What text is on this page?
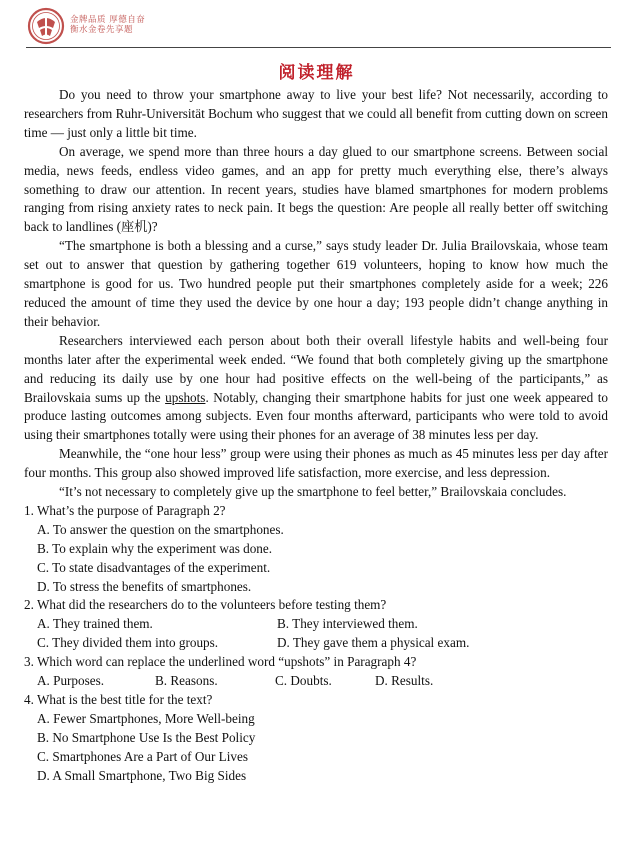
金牌品质 厚德自奋
衡水金卷先享题
阅读理解

Do you need to throw your smartphone away to live your best life? Not necessarily, according to researchers from Ruhr-Universität Bochum who suggest that we could all benefit from cutting down on screen time — just only a little bit time.

On average, we spend more than three hours a day glued to our smartphone screens. Between social media, news feeds, endless video games, and an app for pretty much everything else, there’s always something to draw our attention. In recent years, studies have blamed smartphones for modern problems ranging from rising anxiety rates to neck pain. It begs the question: Are people all really better off switching back to landlines (座机)?

“The smartphone is both a blessing and a curse,” says study leader Dr. Julia Brailovskaia, whose team set out to answer that question by gathering together 619 volunteers, hoping to know how much the smartphone is good for us. Two hundred people put their smartphones completely aside for a week; 226 reduced the amount of time they used the device by one hour a day; 193 people didn’t change anything in their behavior.

Researchers interviewed each person about both their overall lifestyle habits and well-being four months later after the experimental week ended. “We found that both completely giving up the smartphone and reducing its daily use by one hour had positive effects on the well-being of the participants,” as Brailovskaia sums up the upshots. Notably, changing their smartphone habits for just one week appeared to produce lasting outcomes among subjects. Even four months afterward, participants who were told to avoid using their smartphones totally were using their phones for an average of 38 minutes less per day.

Meanwhile, the “one hour less” group were using their phones as much as 45 minutes less per day after four months. This group also showed improved life satisfaction, more exercise, and less depression.

“It’s not necessary to completely give up the smartphone to feel better,” Brailovskaia concludes.

1. What’s the purpose of Paragraph 2?

A. To answer the question on the smartphones.

B. To explain why the experiment was done.

C. To state disadvantages of the experiment.

D. To stress the benefits of smartphones.

2. What did the researchers do to the volunteers before testing them?

A. They trained them.	B. They interviewed them.
C. They divided them into groups.	D. They gave them a physical exam.

3. Which word can replace the underlined word “upshots” in Paragraph 4?

A. Purposes.	B. Reasons.	C. Doubts.	D. Results.

4. What is the best title for the text?

A. Fewer Smartphones, More Well-being

B. No Smartphone Use Is the Best Policy

C. Smartphones Are a Part of Our Lives

D. A Small Smartphone, Two Big Sides
